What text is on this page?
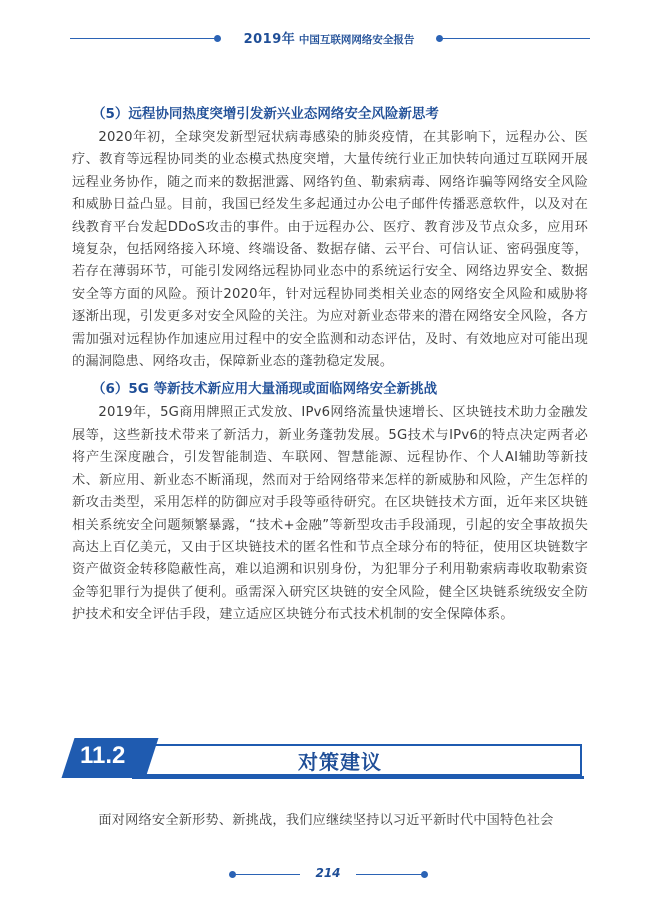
2019年 中国互联网网络安全报告
（5）远程协同热度突增引发新兴业态网络安全风险新思考

2020年初，全球突发新型冠状病毒感染的肺炎疫情，在其影响下，远程办公、医疗、教育等远程协同类的业态模式热度突增，大量传统行业正加快转向通过互联网开展远程业务协作，随之而来的数据泄露、网络钓鱼、勒索病毒、网络诈骗等网络安全风险和威胁日益凸显。目前，我国已经发生多起通过办公电子邮件传播恶意软件，以及对在线教育平台发起DDoS攻击的事件。由于远程办公、医疗、教育涉及节点众多，应用环境复杂，包括网络接入环境、终端设备、数据存储、云平台、可信认证、密码强度等，若存在薄弱环节，可能引发网络远程协同业态中的系统运行安全、网络边界安全、数据安全等方面的风险。预计2020年，针对远程协同类相关业态的网络安全风险和威胁将逐渐出现，引发更多对安全风险的关注。为应对新业态带来的潜在网络安全风险，各方需加强对远程协作加速应用过程中的安全监测和动态评估，及时、有效地应对可能出现的漏洞隐患、网络攻击，保障新业态的蓬勃稳定发展。

（6）5G 等新技术新应用大量涌现或面临网络安全新挑战

2019年，5G商用牌照正式发放、IPv6网络流量快速增长、区块链技术助力金融发展等，这些新技术带来了新活力，新业务蓬勃发展。5G技术与IPv6的特点决定两者必将产生深度融合，引发智能制造、车联网、智慧能源、远程协作、个人AI辅助等新技术、新应用、新业态不断涌现，然而对于给网络带来怎样的新威胁和风险，产生怎样的新攻击类型，采用怎样的防御应对手段等亟待研究。在区块链技术方面，近年来区块链相关系统安全问题频繁暴露，“技术+金融”等新型攻击手段涌现，引起的安全事故损失高达上百亿美元，又由于区块链技术的匿名性和节点全球分布的特征，使用区块链数字资产做资金转移隐蔽性高，难以追溯和识别身份，为犯罪分子利用勒索病毒收取勒索资金等犯罪行为提供了便利。亟需深入研究区块链的安全风险，健全区块链系统级安全防护技术和安全评估手段，建立适应区块链分布式技术机制的安全保障体系。

11.2	对策建议

面对网络安全新形势、新挑战，我们应继续坚持以习近平新时代中国特色社会

214
